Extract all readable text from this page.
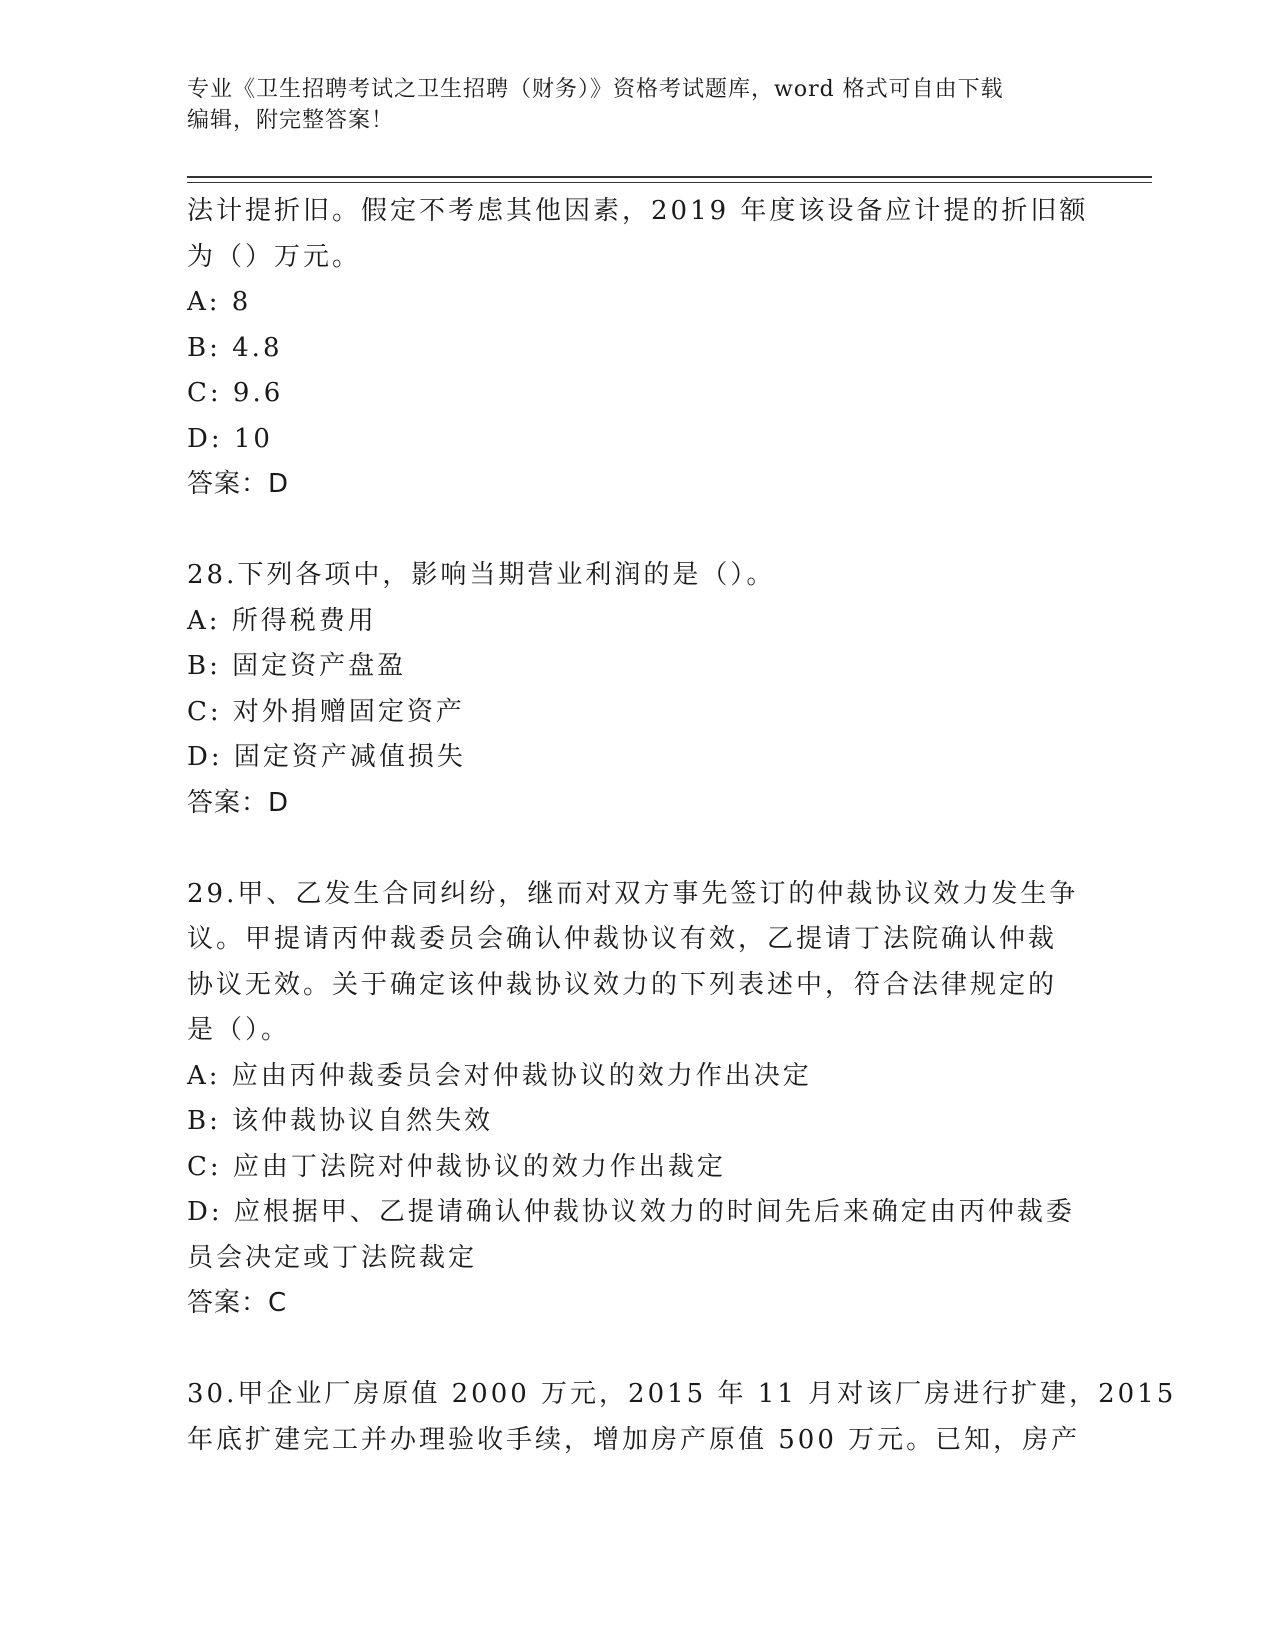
专业《卫生招聘考试之卫生招聘（财务）》资格考试题库，word 格式可自由下载
编辑，附完整答案！
法计提折旧。假定不考虑其他因素，2019 年度该设备应计提的折旧额
为（）万元。
A: 8
B: 4.8
C: 9.6
D: 10
答案：D
28.下列各项中，影响当期营业利润的是（）。
A: 所得税费用
B: 固定资产盘盈
C: 对外捐赠固定资产
D: 固定资产减值损失
答案：D
29.甲、乙发生合同纠纷，继而对双方事先签订的仲裁协议效力发生争
议。甲提请丙仲裁委员会确认仲裁协议有效，乙提请丁法院确认仲裁
协议无效。关于确定该仲裁协议效力的下列表述中，符合法律规定的
是（）。
A: 应由丙仲裁委员会对仲裁协议的效力作出决定
B: 该仲裁协议自然失效
C: 应由丁法院对仲裁协议的效力作出裁定
D: 应根据甲、乙提请确认仲裁协议效力的时间先后来确定由丙仲裁委
员会决定或丁法院裁定
答案：C
30.甲企业厂房原值 2000 万元，2015 年 11 月对该厂房进行扩建，2015
年底扩建完工并办理验收手续，增加房产原值 500 万元。已知，房产
